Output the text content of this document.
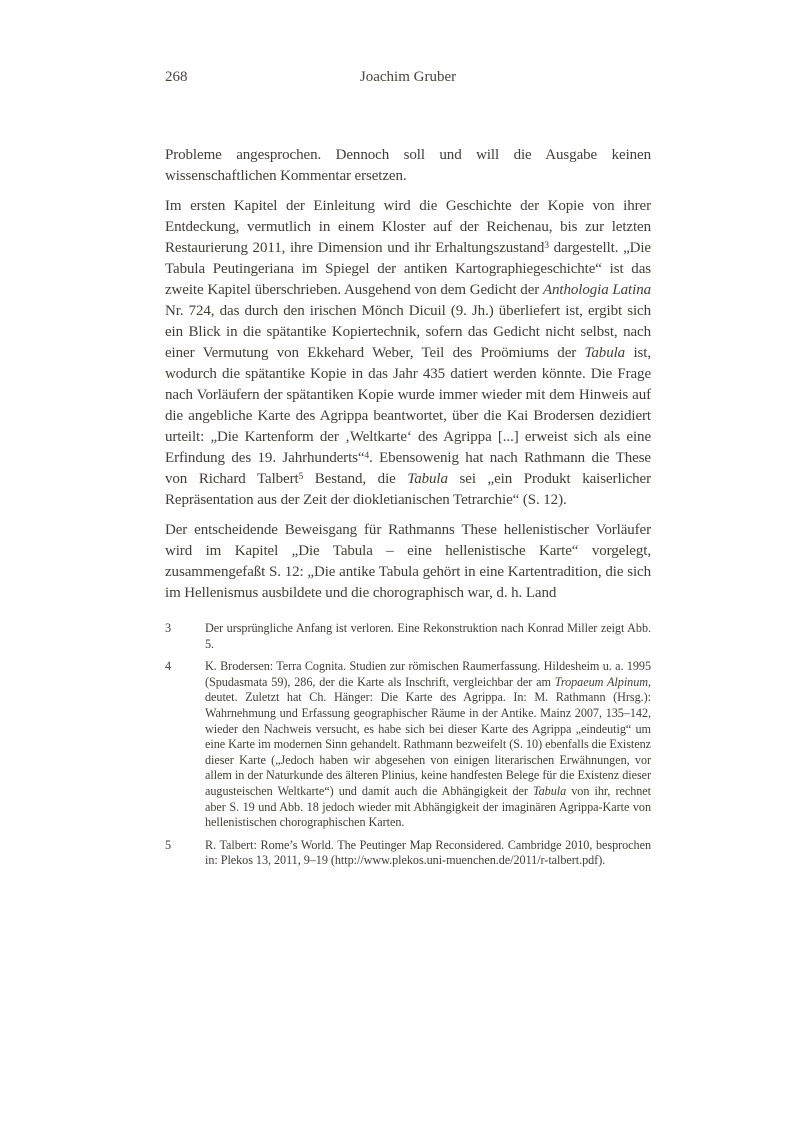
268	Joachim Gruber

Probleme angesprochen. Dennoch soll und will die Ausgabe keinen wissenschaftlichen Kommentar ersetzen.

Im ersten Kapitel der Einleitung wird die Geschichte der Kopie von ihrer Entdeckung, vermutlich in einem Kloster auf der Reichenau, bis zur letzten Restaurierung 2011, ihre Dimension und ihr Erhaltungszustand$^3$ dargestellt. „Die Tabula Peutingeriana im Spiegel der antiken Kartographiegeschichte“ ist das zweite Kapitel überschrieben. Ausgehend von dem Gedicht der Anthologia Latina Nr. 724, das durch den irischen Mönch Dicuil (9. Jh.) überliefert ist, ergibt sich ein Blick in die spätantike Kopiertechnik, sofern das Gedicht nicht selbst, nach einer Vermutung von Ekkehard Weber, Teil des Proömiums der Tabula ist, wodurch die spätantike Kopie in das Jahr 435 datiert werden könnte. Die Frage nach Vorläufern der spätantiken Kopie wurde immer wieder mit dem Hinweis auf die angebliche Karte des Agrippa beantwortet, über die Kai Brodersen dezidiert urteilt: „Die Kartenform der ‚Weltkarte‘ des Agrippa [...] erweist sich als eine Erfindung des 19. Jahrhunderts“$^4$. Ebensowenig hat nach Rathmann die These von Richard Talbert$^5$ Bestand, die Tabula sei „ein Produkt kaiserlicher Repräsentation aus der Zeit der diokletianischen Tetrarchie“ (S. 12).

Der entscheidende Beweisgang für Rathmanns These hellenistischer Vorläufer wird im Kapitel „Die Tabula – eine hellenistische Karte“ vorgelegt, zusammengefaßt S. 12: „Die antike Tabula gehört in eine Kartentradition, die sich im Hellenismus ausbildete und die chorographisch war, d. h. Land

3	Der ursprüngliche Anfang ist verloren. Eine Rekonstruktion nach Konrad Miller zeigt Abb. 5.
4	K. Brodersen: Terra Cognita. Studien zur römischen Raumerfassung. Hildesheim u. a. 1995 (Spudasmata 59), 286, der die Karte als Inschrift, vergleichbar der am Tropaeum Alpinum, deutet. Zuletzt hat Ch. Hänger: Die Karte des Agrippa. In: M. Rathmann (Hrsg.): Wahrnehmung und Erfassung geographischer Räume in der Antike. Mainz 2007, 135–142, wieder den Nachweis versucht, es habe sich bei dieser Karte des Agrippa „eindeutig“ um eine Karte im modernen Sinn gehandelt. Rathmann bezweifelt (S. 10) ebenfalls die Existenz dieser Karte („Jedoch haben wir abgesehen von einigen literarischen Erwähnungen, vor allem in der Naturkunde des älteren Plinius, keine handfesten Belege für die Existenz dieser augusteischen Weltkarte“) und damit auch die Abhängigkeit der Tabula von ihr, rechnet aber S. 19 und Abb. 18 jedoch wieder mit Abhängigkeit der imaginären Agrippa-Karte von hellenistischen chorographischen Karten.
5	R. Talbert: Rome’s World. The Peutinger Map Reconsidered. Cambridge 2010, besprochen in: Plekos 13, 2011, 9–19 (http://www.plekos.uni-muenchen.de/2011/r-talbert.pdf).
